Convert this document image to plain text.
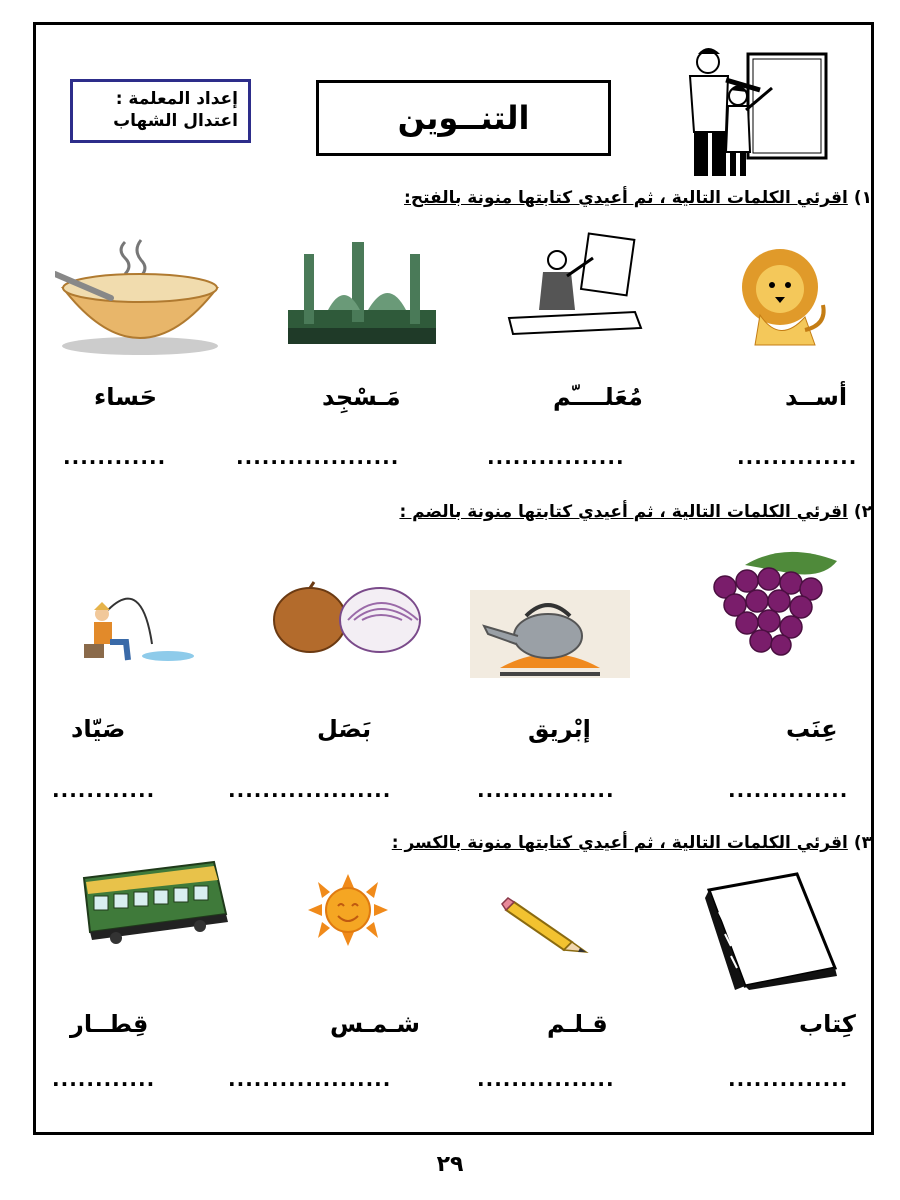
إعداد المعلمة :
اعتدال الشهاب	التنــوين
١)اقرئي الكلمات التالية ، ثم أعيدي كتابتها منونة بالفتح:
أســد
مُعَلــــّم
مَـسْجِد
حَساء
..............
................
...................
............
٢)اقرئي الكلمات التالية ، ثم أعيدي كتابتها منونة بالضم :
عِنَب
إبْريق
بَصَل
صَيّاد
..............
................
...................
............
٣)اقرئي الكلمات التالية ، ثم أعيدي كتابتها منونة بالكسر :
كِتاب
قـلـم
شـمـس
قِطــار
..............
................
...................
............
٢٩
